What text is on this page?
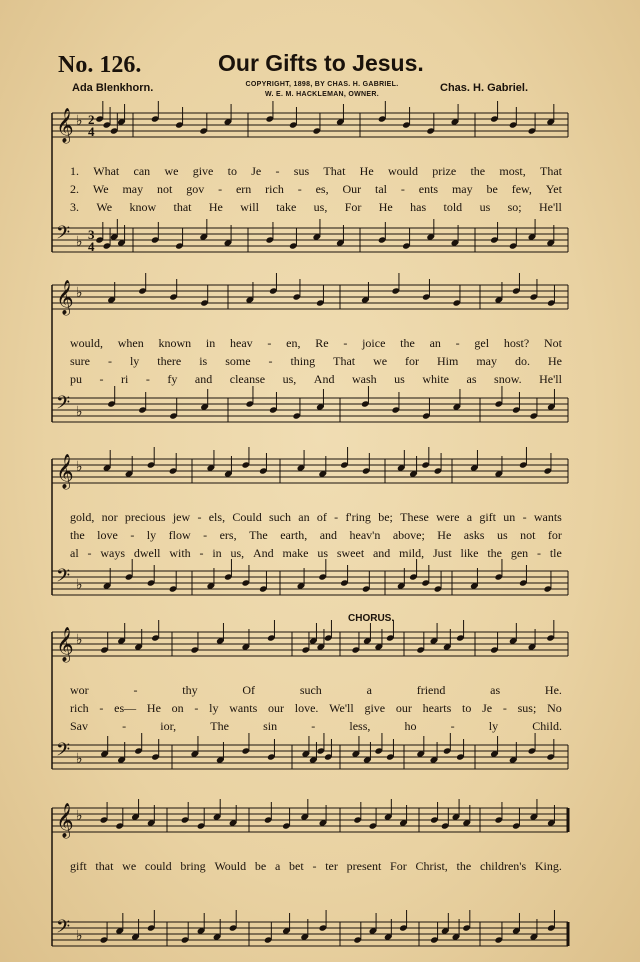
No. 126.	Our Gifts to Jesus.
Ada Blenkhorn.	Chas. H. Gabriel.
COPYRIGHT, 1898, BY CHAS. H. GABRIEL.
W. E. M. HACKLEMAN, OWNER.
CHORUS.
𝄞 ♭
𝄢 ♭
𝄞 ♭
𝄢 ♭
𝄞 ♭
𝄢 ♭
𝄞 ♭
𝄢 ♭
𝄞 ♭
𝄢 ♭
2
4
3
4
1. What can we give to Je - sus That He would prize the most, That
2. We may not gov - ern rich - es, Our tal - ents may be few, Yet
3. We know that He will take us, For He has told us so; He'll
would, when known in heav - en, Re - joice the an - gel host? Not
sure - ly there is some - thing That we for Him may do. He
pu - ri - fy and cleanse us, And wash us white as snow. He'll
gold, nor precious jew - els, Could such an of - f'ring be; These were a gift un - wants
the love - ly flow - ers, The earth, and heav'n above; He asks us not for
al - ways dwell with - in us, And make us sweet and mild, Just like the gen - tle
wor	-	thy	Of	such	a	friend	as	He.
rich - es— He on - ly wants our love. We'll give our hearts to Je - sus; No
Sav	-	ior,	The	sin	-	less,	ho	-	ly	Child.
gift that we could bring Would be a bet - ter present For Christ, the children's King.
